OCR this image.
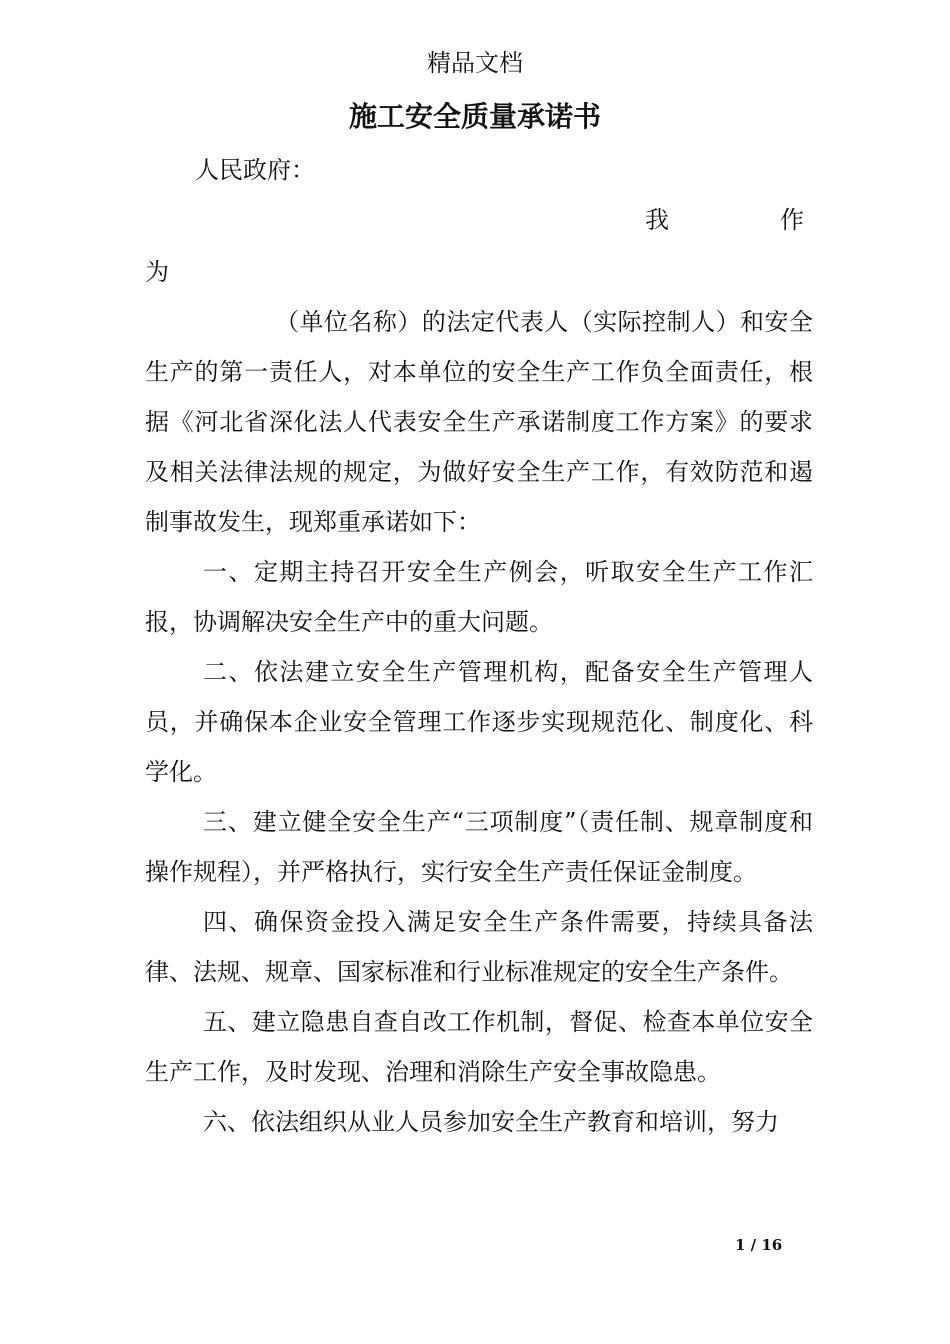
精品文档
施工安全质量承诺书
人民政府：
我	作
为

（单位名称）的法定代表人（实际控制人）和安全生产的第一责任人，对本单位的安全生产工作负全面责任，根据《河北省深化法人代表安全生产承诺制度工作方案》的要求及相关法律法规的规定，为做好安全生产工作，有效防范和遏制事故发生，现郑重承诺如下：

一、定期主持召开安全生产例会，听取安全生产工作汇报，协调解决安全生产中的重大问题。

二、依法建立安全生产管理机构，配备安全生产管理人员，并确保本企业安全管理工作逐步实现规范化、制度化、科学化。

三、建立健全安全生产“三项制度”（责任制、规章制度和操作规程），并严格执行，实行安全生产责任保证金制度。

四、确保资金投入满足安全生产条件需要，持续具备法律、法规、规章、国家标准和行业标准规定的安全生产条件。

五、建立隐患自查自改工作机制，督促、检查本单位安全生产工作，及时发现、治理和消除生产安全事故隐患。

六、依法组织从业人员参加安全生产教育和培训，努力

1 / 16
